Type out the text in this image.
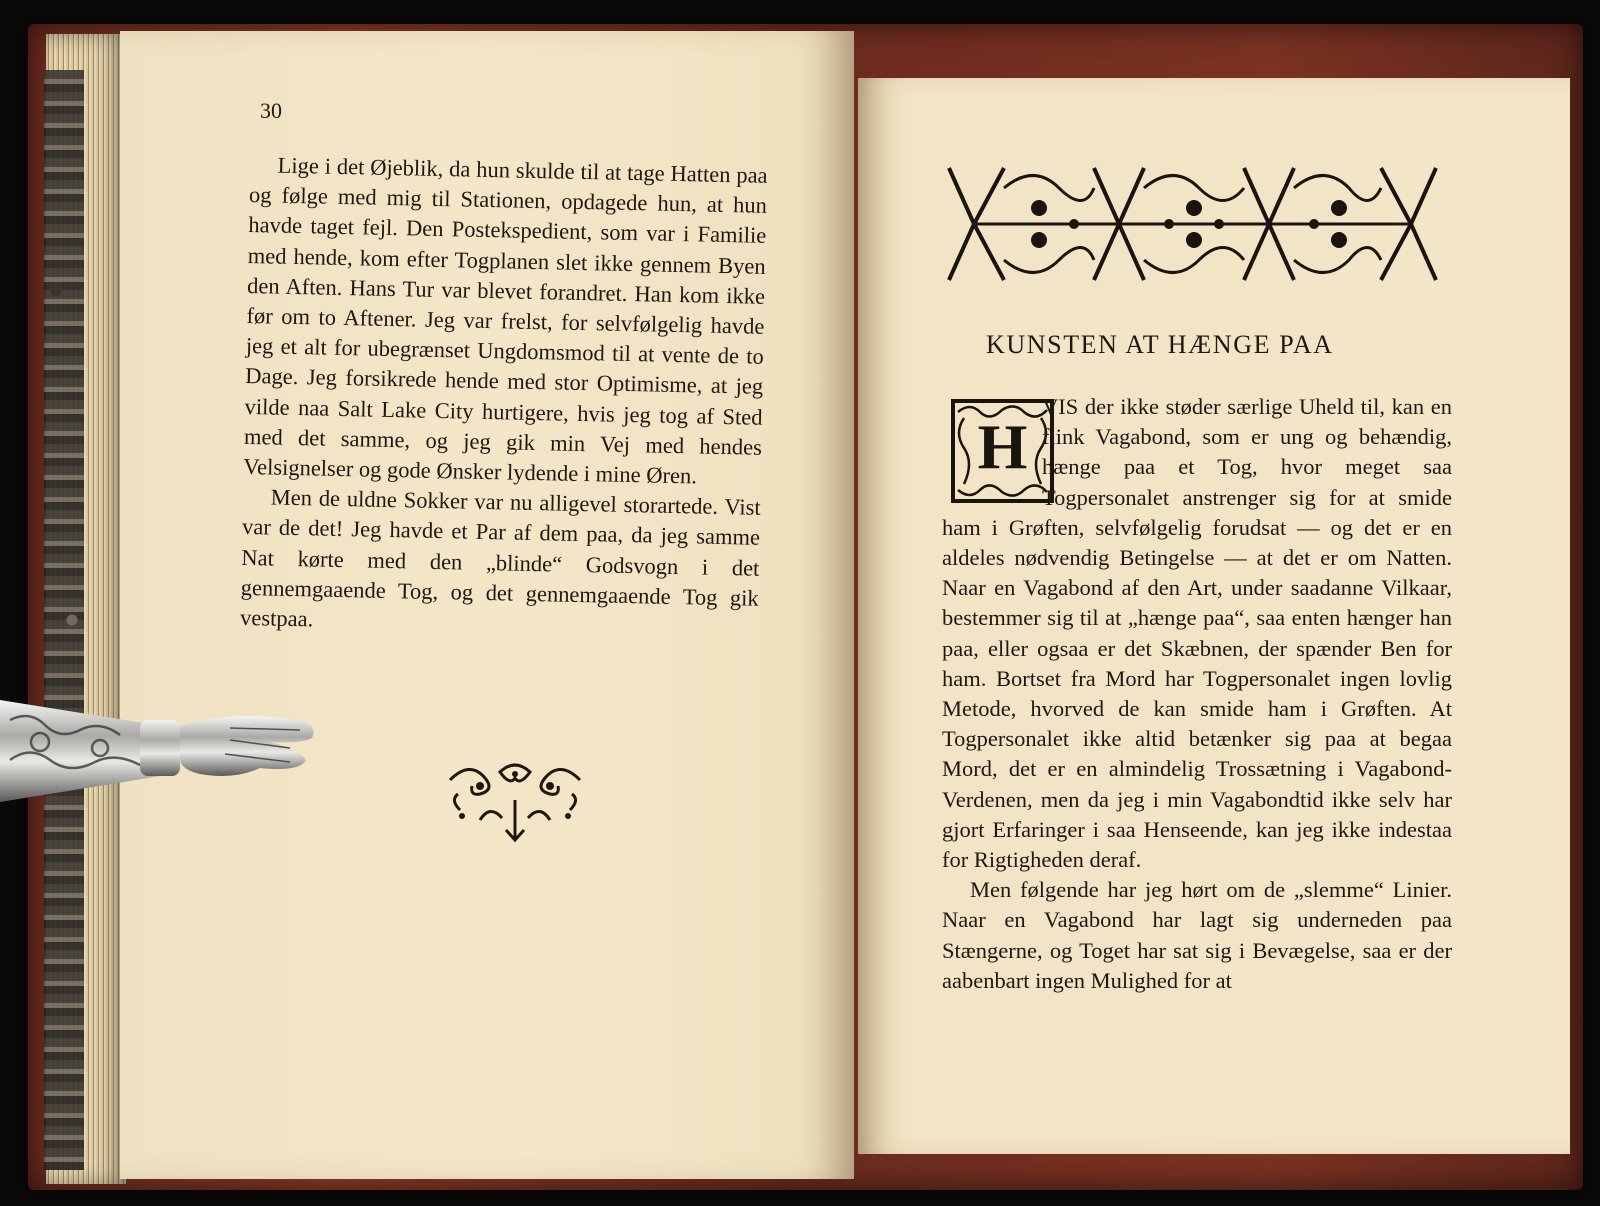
30

Lige i det Øjeblik, da hun skulde til at tage Hatten paa og følge med mig til Stationen, opdagede hun, at hun havde taget fejl. Den Postekspedient, som var i Familie med hende, kom efter Togplanen slet ikke gennem Byen den Aften. Hans Tur var blevet forandret. Han kom ikke før om to Aftener. Jeg var frelst, for selvfølgelig havde jeg et alt for ubegrænset Ungdomsmod til at vente de to Dage. Jeg forsikrede hende med stor Optimisme, at jeg vilde naa Salt Lake City hurtigere, hvis jeg tog af Sted med det samme, og jeg gik min Vej med hendes Velsignelser og gode Ønsker lydende i mine Øren.

Men de uldne Sokker var nu alligevel storartede. Vist var de det! Jeg havde et Par af dem paa, da jeg samme Nat kørte med den „blinde“ Godsvogn i det gennemgaaende Tog, og det gennemgaaende Tog gik vestpaa.

KUNSTEN AT HÆNGE PAA
H

VIS der ikke støder særlige Uheld til, kan en flink Vagabond, som er ung og behændig, hænge paa et Tog, hvor meget saa Togpersonalet anstrenger sig for at smide ham i Grøften, selvfølgelig forudsat — og det er en aldeles nødvendig Betingelse — at det er om Natten. Naar en Vagabond af den Art, under saadanne Vilkaar, bestemmer sig til at „hænge paa“, saa enten hænger han paa, eller ogsaa er det Skæbnen, der spænder Ben for ham. Bortset fra Mord har Togpersonalet ingen lovlig Metode, hvorved de kan smide ham i Grøften. At Togpersonalet ikke altid betænker sig paa at begaa Mord, det er en almindelig Trossætning i Vagabond-Verdenen, men da jeg i min Vagabondtid ikke selv har gjort Erfaringer i saa Henseende, kan jeg ikke indestaa for Rigtigheden deraf.

Men følgende har jeg hørt om de „slemme“ Linier. Naar en Vagabond har lagt sig underneden paa Stængerne, og Toget har sat sig i Bevægelse, saa er der aabenbart ingen Mulighed for at
